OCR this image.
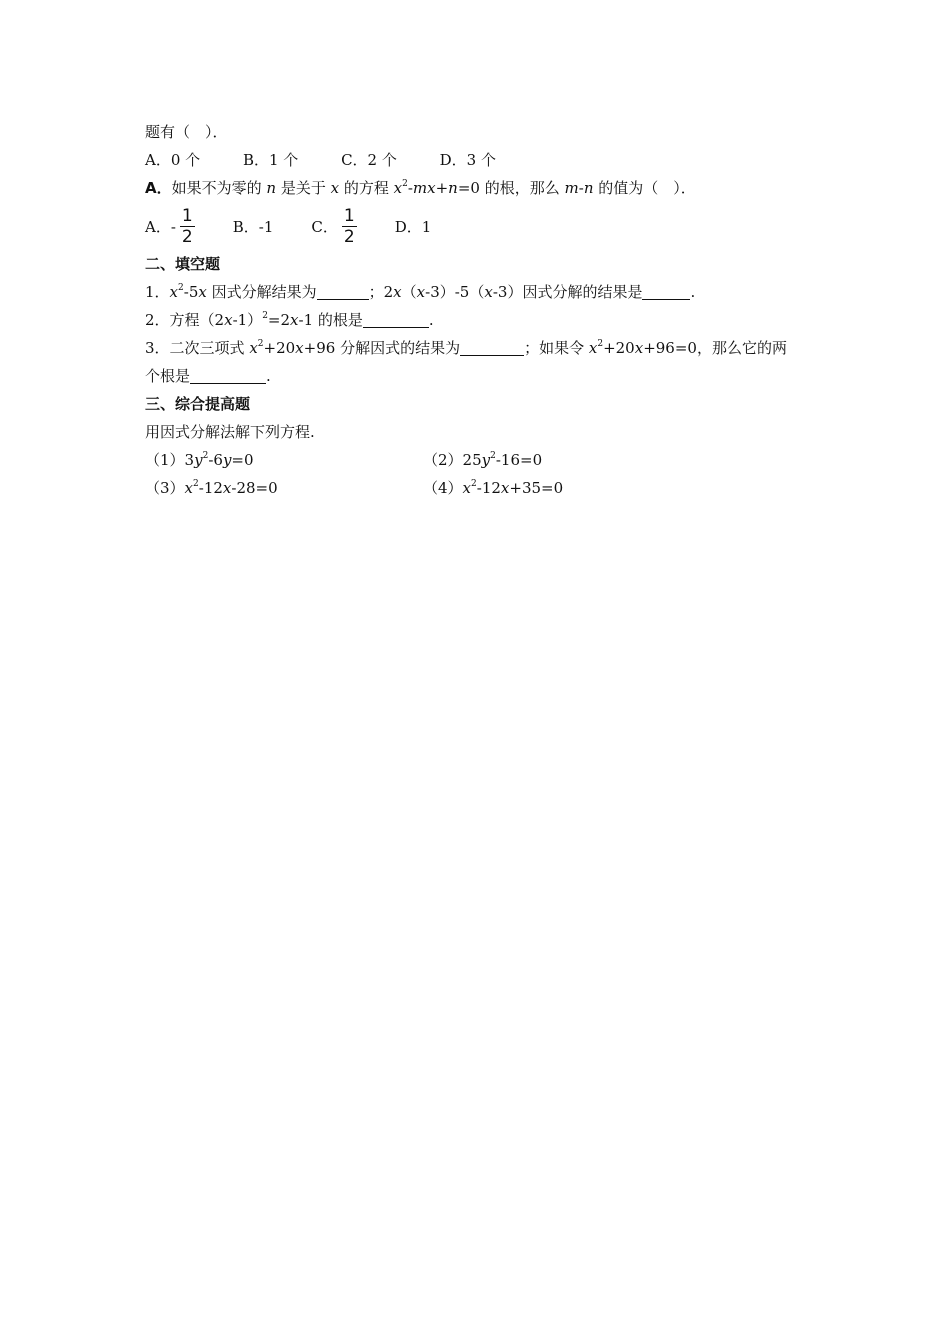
题有（　）．
A．0 个	B．1 个	C．2 个	D．3 个
A．如果不为零的 n 是关于 x 的方程 $x^2-mx+n=0$ 的根，那么 m-n 的值为（　）．
A．- $\frac{1}{2}$	B．-1	C． $\frac{1}{2}$	D．1
二、填空题
1．$x^2-5x$ 因式分解结果为	；2x（x-3）-5（x-3）因式分解的结果是	.
2．方程$(2x-1)^2=2x-1$ 的根是	.
3．二次三项式 $x^2+20x+96$ 分解因式的结果为	；如果令 $x^2+20x+96=0$，那么它的两
个根是	.
三、综合提高题
用因式分解法解下列方程.
$(1)3y^2-6y=0$	$(2)25y^2-16=0$
$(3)x^2-12x-28=0$	$(4)x^2-12x+35=0$
